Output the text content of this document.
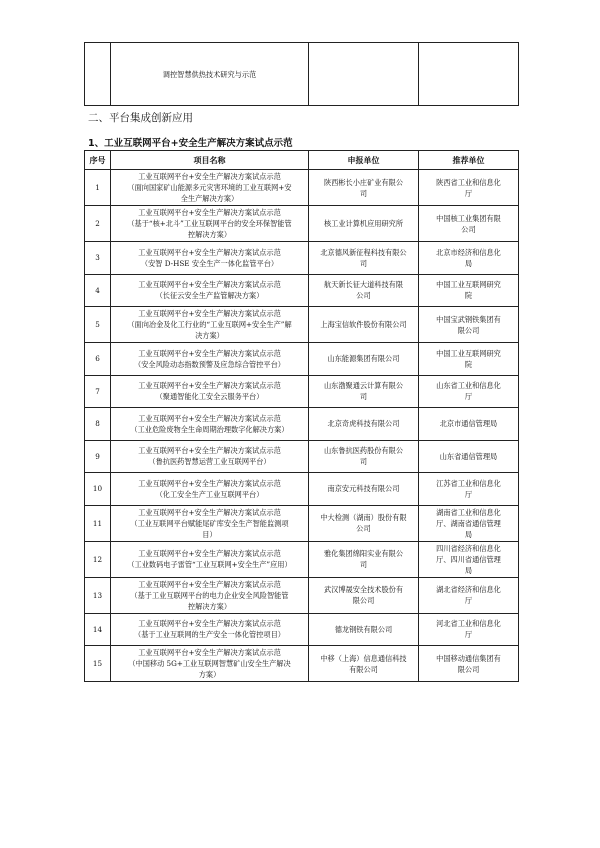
	调控智慧供热技术研究与示范		
二、平台集成创新应用
1、工业互联网平台+安全生产解决方案试点示范
序号	项目名称	申报单位	推荐单位
1	工业互联网平台+安全生产解决方案试点示范
（面向国家矿山能源多元灾害环境的工业互联网+安
全生产解决方案）	陕西彬长小庄矿业有限公
司	陕西省工业和信息化
厅

2	工业互联网平台+安全生产解决方案试点示范
（基于“核+北斗”工业互联网平台的安全环保智能管
控解决方案）	核工业计算机应用研究所	中国核工业集团有限
公司

3	工业互联网平台+安全生产解决方案试点示范
（安智 D-HSE 安全生产一体化监管平台）	北京德风新征程科技有限公
司	北京市经济和信息化
局

4	工业互联网平台+安全生产解决方案试点示范
（长征云安全生产监管解决方案）	航天新长征大道科技有限
公司	中国工业互联网研究
院

5	工业互联网平台+安全生产解决方案试点示范
（面向冶金及化工行业的“工业互联网+安全生产”解
决方案）	上海宝信软件股份有限公司	中国宝武钢铁集团有
限公司

6	工业互联网平台+安全生产解决方案试点示范
（安全风险动态指数预警及应急综合管控平台）	山东能源集团有限公司	中国工业互联网研究
院

7	工业互联网平台+安全生产解决方案试点示范
（聚通智能化工安全云服务平台）	山东渤聚通云计算有限公
司	山东省工业和信息化
厅

8	工业互联网平台+安全生产解决方案试点示范
（工业危险废物全生命周期治理数字化解决方案）	北京奇虎科技有限公司	北京市通信管理局

9	工业互联网平台+安全生产解决方案试点示范
（鲁抗医药智慧运营工业互联网平台）	山东鲁抗医药股份有限公
司	山东省通信管理局

10	工业互联网平台+安全生产解决方案试点示范
（化工安全生产工业互联网平台）	南京安元科技有限公司	江苏省工业和信息化
厅

11	工业互联网平台+安全生产解决方案试点示范
（工业互联网平台赋能尾矿库安全生产智能监测项
目）	中大检测（湖南）股份有限
公司	湖南省工业和信息化
厅、湖南省通信管理
局

12	工业互联网平台+安全生产解决方案试点示范
（工业数码电子雷管“工业互联网+安全生产”应用）	雅化集团绵阳实业有限公
司	四川省经济和信息化
厅、四川省通信管理
局

13	工业互联网平台+安全生产解决方案试点示范
（基于工业互联网平台的电力企业安全风险智能管
控解决方案）	武汉博晟安全技术股份有
限公司	湖北省经济和信息化
厅

14	工业互联网平台+安全生产解决方案试点示范
（基于工业互联网的生产安全一体化管控项目）	德龙钢铁有限公司	河北省工业和信息化
厅

15	工业互联网平台+安全生产解决方案试点示范
（中国移动 5G+工业互联网智慧矿山安全生产解决
方案）	中移（上海）信息通信科技
有限公司	中国移动通信集团有
限公司
